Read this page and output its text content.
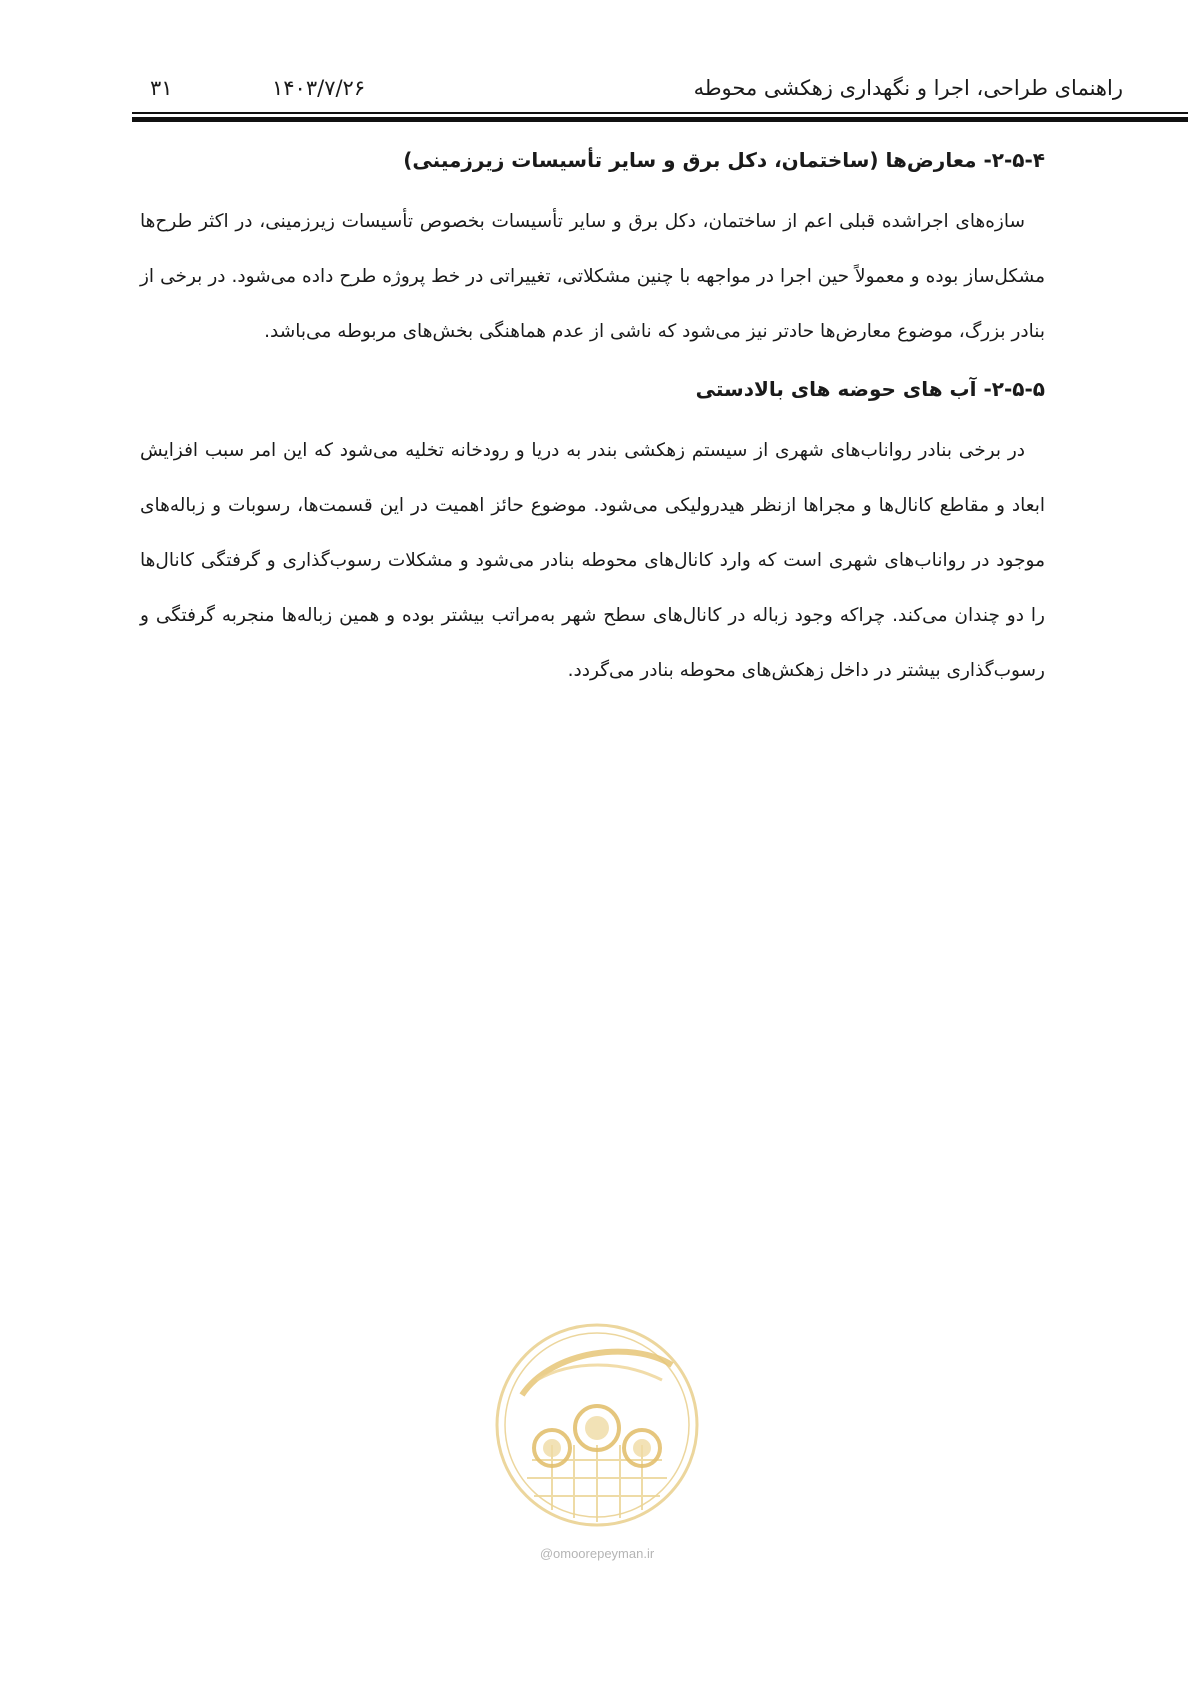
۳۱	۱۴۰۳/۷/۲۶	راهنمای طراحی، اجرا و نگهداری زهکشی محوطه
۲-۵-۴- معارض‌ها (ساختمان، دکل برق و سایر تأسیسات زیرزمینی)

سازه‌های اجراشده قبلی اعم از ساختمان، دکل برق و سایر تأسیسات بخصوص تأسیسات زیرزمینی، در اکثر طرح‌ها مشکل‌ساز بوده و معمولاً حین اجرا در مواجهه با چنین مشکلاتی، تغییراتی در خط پروژه طرح داده می‌شود. در برخی از بنادر بزرگ، موضوع معارض‌ها حادتر نیز می‌شود که ناشی از عدم هماهنگی بخش‌های مربوطه می‌باشد.

۲-۵-۵- آب های حوضه های بالادستی

در برخی بنادر رواناب‌های شهری از سیستم زهکشی بندر به دریا و رودخانه تخلیه می‌شود که این امر سبب افزایش ابعاد و مقاطع کانال‌ها و مجراها ازنظر هیدرولیکی می‌شود. موضوع حائز اهمیت در این قسمت‌ها، رسوبات و زباله‌های موجود در رواناب‌های شهری است که وارد کانال‌های محوطه بنادر می‌شود و مشکلات رسوب‌گذاری و گرفتگی کانال‌ها را دو چندان می‌کند. چراکه وجود زباله در کانال‌های سطح شهر به‌مراتب بیشتر بوده و همین زباله‌ها منجربه گرفتگی و رسوب‌گذاری بیشتر در داخل زهکش‌های محوطه بنادر می‌گردد.

@omoorepeyman.ir
